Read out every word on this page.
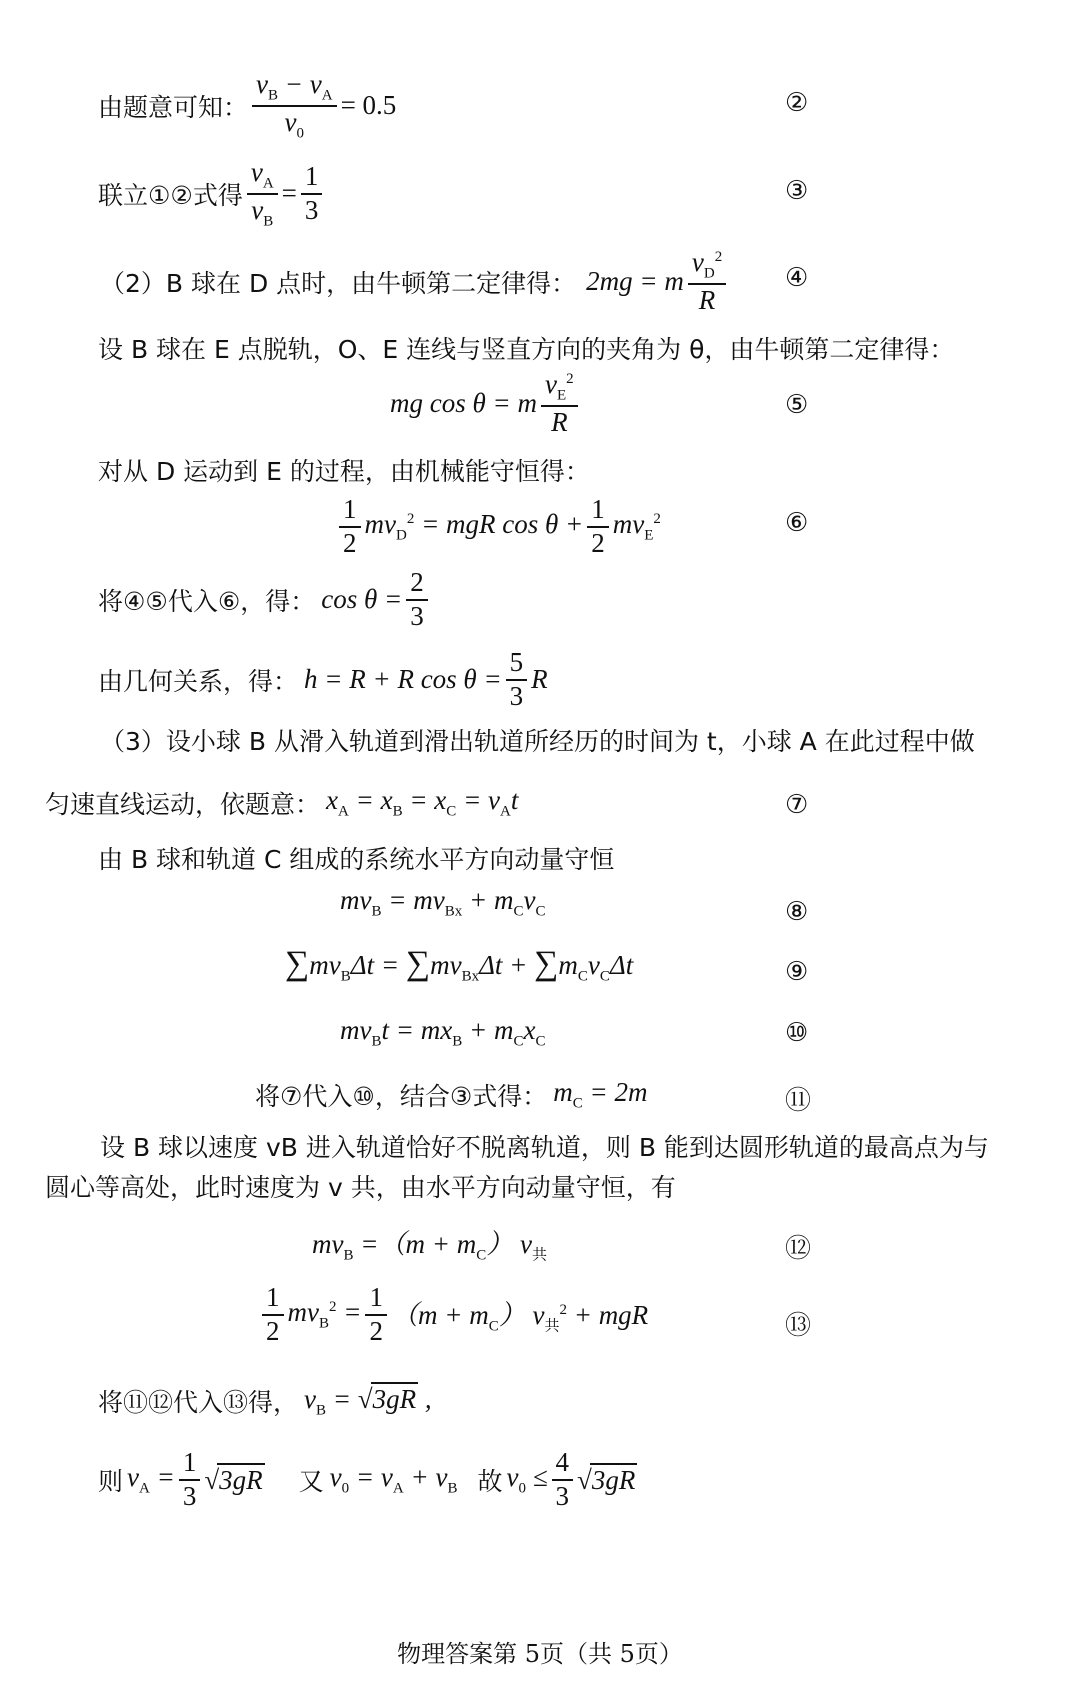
由题意可知： $\frac{v_B - v_A}{v_0} = 0.5$	②
联立①②式得 $\frac{v_A}{v_B} = \frac{1}{3}$	③
（2）B 球在 D 点时，由牛顿第二定律得： 2mg = m $\frac{v_D^2}{R}$ ④
设 B 球在 E 点脱轨，O、E 连线与竖直方向的夹角为 θ，由牛顿第二定律得：
mg cos θ = m $\frac{v_E^2}{R}$	⑤
对从 D 运动到 E 的过程，由机械能守恒得：
$\frac{1}{2} mv_D^2$ = mgR $\cos \theta + \frac{1}{2} mv_E^2$	⑥
将④⑤代入⑥，得： $\cos \theta = \frac{2}{3}$
由几何关系，得： h = R + R $\cos \theta = \frac{5}{3}$ R
（3）设小球 B 从滑入轨道到滑出轨道所经历的时间为 t，小球 A 在此过程中做
匀速直线运动，依题意： $x_A = x_B = x_C = v_At$	⑦
由 B 球和轨道 C 组成的系统水平方向动量守恒
$mv_B = mv_{Bx} + m_Cv_C$	⑧
$\sum mv_B\Delta t = \sum mv_{Bx}\Delta t + \sum m_Cv_C\Delta t$	⑨
$mv_Bt = mx_B + m_Cx_C$	⑩
将⑦代入⑩，结合③式得： $m_C = 2m$	⑪
设 B 球以速度 vB 进入轨道恰好不脱离轨道，则 B 能到达圆形轨道的最高点为与
圆心等高处，此时速度为 v 共，由水平方向动量守恒，有
$mv_B =(m + m_C)$ $v_共$	⑫
$\frac{1}{2} mv_B^2 = \frac{1}{2} (m + m_C) v_共^2$ + mgR	⑬
将⑪⑫代入⑬得， $v_B = √3gR$ ,
则 $v_A = \frac{1}{3} √3gR$ 又 $v_0 = v_A + v_B$ 故 $v_0 \le \frac{4}{3} √3gR$
物理答案第 5页（共 5页）
